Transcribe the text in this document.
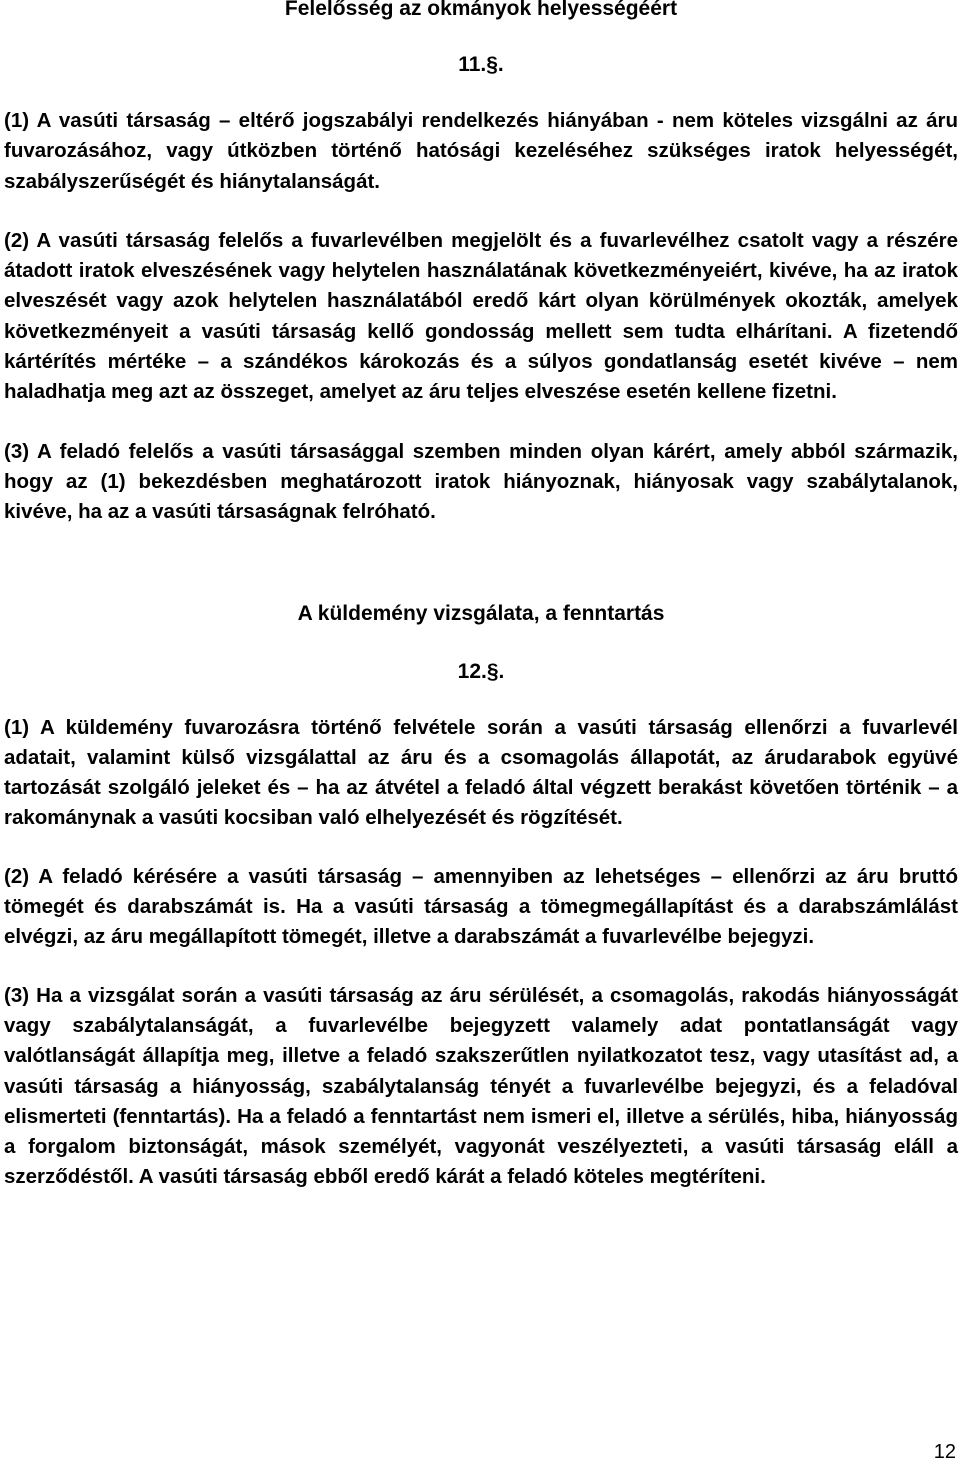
Felelősség az okmányok helyességéért
11.§.

(1) A vasúti társaság – eltérő jogszabályi rendelkezés hiányában - nem köteles vizsgálni az áru fuvarozásához, vagy útközben történő hatósági kezeléséhez szükséges iratok helyességét, szabályszerűségét és hiánytalanságát.

(2) A vasúti társaság felelős a fuvarlevélben megjelölt és a fuvarlevélhez csatolt vagy a részére átadott iratok elveszésének vagy helytelen használatának következményeiért, kivéve, ha az iratok elveszését vagy azok helytelen használatából eredő kárt olyan körülmények okozták, amelyek következményeit a vasúti társaság kellő gondosság mellett sem tudta elhárítani. A fizetendő kártérítés mértéke – a szándékos károkozás és a súlyos gondatlanság esetét kivéve – nem haladhatja meg azt az összeget, amelyet az áru teljes elveszése esetén kellene fizetni.

(3) A feladó felelős a vasúti társasággal szemben minden olyan kárért, amely abból származik, hogy az (1) bekezdésben meghatározott iratok hiányoznak, hiányosak vagy szabálytalanok, kivéve, ha az a vasúti társaságnak felróható.

A küldemény vizsgálata, a fenntartás
12.§.

(1) A küldemény fuvarozásra történő felvétele során a vasúti társaság ellenőrzi a fuvarlevél adatait, valamint külső vizsgálattal az áru és a csomagolás állapotát, az árudarabok együvé tartozását szolgáló jeleket és – ha az átvétel a feladó által végzett berakást követően történik – a rakománynak a vasúti kocsiban való elhelyezését és rögzítését.

(2) A feladó kérésére a vasúti társaság – amennyiben az lehetséges – ellenőrzi az áru bruttó tömegét és darabszámát is. Ha a vasúti társaság a tömegmegállapítást és a darabszámlálást elvégzi, az áru megállapított tömegét, illetve a darabszámát a fuvarlevélbe bejegyzi.

(3) Ha a vizsgálat során a vasúti társaság az áru sérülését, a csomagolás, rakodás hiányosságát vagy szabálytalanságát, a fuvarlevélbe bejegyzett valamely adat pontatlanságát vagy valótlanságát állapítja meg, illetve a feladó szakszerűtlen nyilatkozatot tesz, vagy utasítást ad, a vasúti társaság a hiányosság, szabálytalanság tényét a fuvarlevélbe bejegyzi, és a feladóval elismerteti (fenntartás). Ha a feladó a fenntartást nem ismeri el, illetve a sérülés, hiba, hiányosság a forgalom biztonságát, mások személyét, vagyonát veszélyezteti, a vasúti társaság eláll a szerződéstől. A vasúti társaság ebből eredő kárát a feladó köteles megtéríteni.

12
